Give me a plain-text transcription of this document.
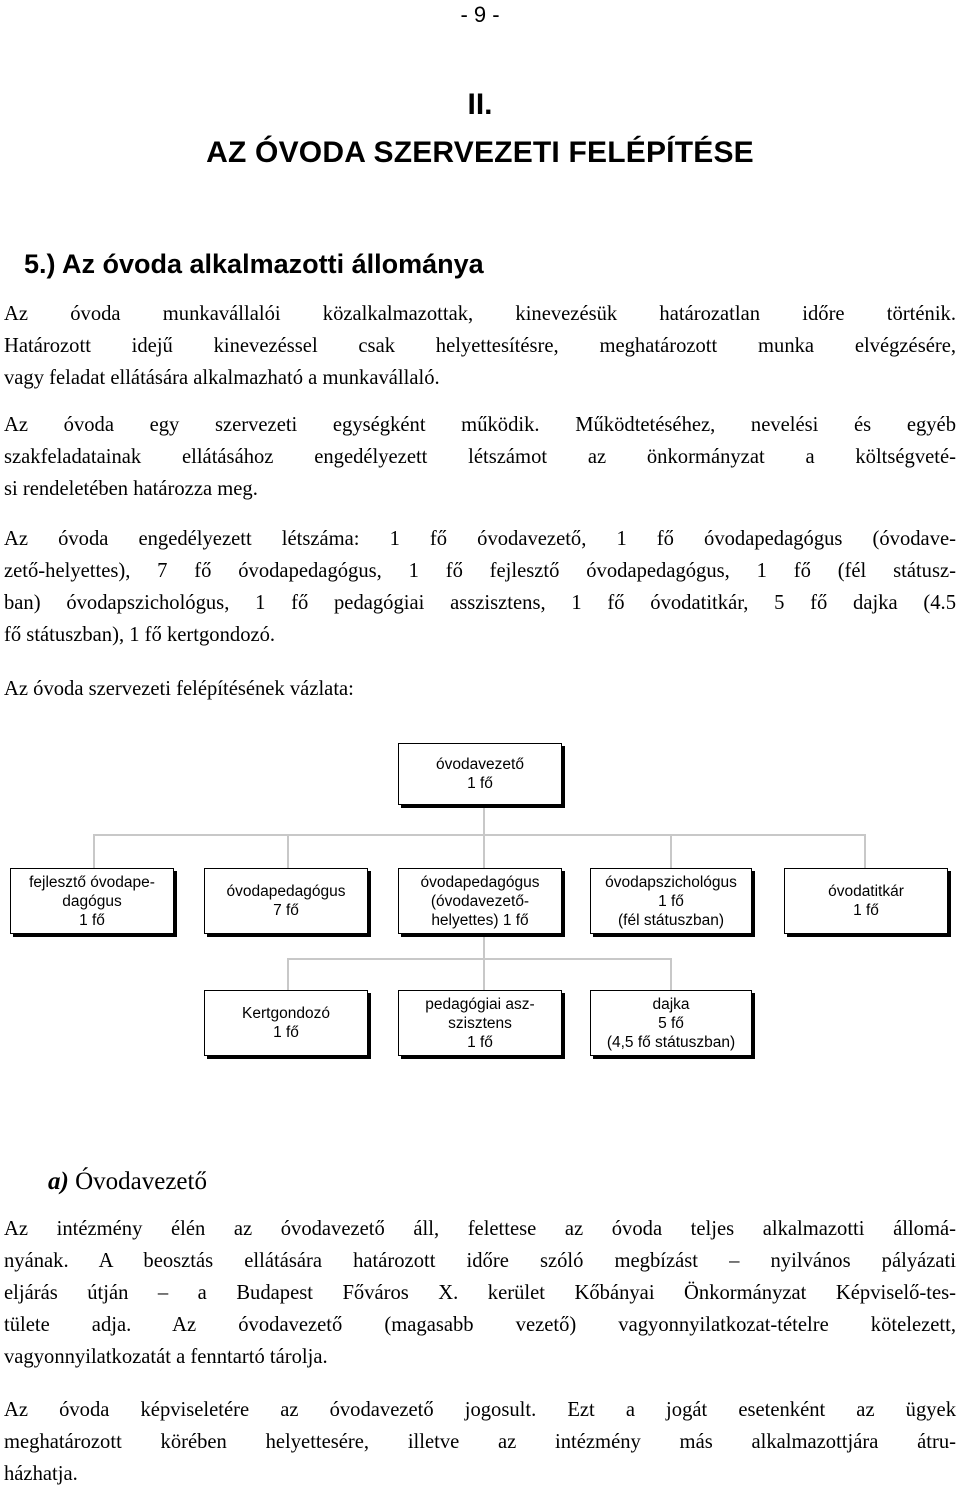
- 9 -
II.
AZ ÓVODA SZERVEZETI FELÉPÍTÉSE
5.) Az óvoda alkalmazotti állománya
Az óvoda munkavállalói közalkalmazottak, kinevezésük határozatlan időre történik.
Határozott idejű kinevezéssel csak helyettesítésre, meghatározott munka elvégzésére,
vagy feladat ellátására alkalmazható a munkavállaló.
Az óvoda egy szervezeti egységként működik. Működtetéséhez, nevelési és egyéb
szakfeladatainak ellátásához engedélyezett létszámot az önkormányzat a költségveté-
si rendeletében határozza meg.
Az óvoda engedélyezett létszáma: 1 fő óvodavezető, 1 fő óvodapedagógus (óvodave-
zető-helyettes), 7 fő óvodapedagógus, 1 fő fejlesztő óvodapedagógus, 1 fő (fél státusz-
ban) óvodapszichológus, 1 fő pedagógiai asszisztens, 1 fő óvodatitkár, 5 fő dajka (4.5
fő státuszban), 1 fő kertgondozó.
Az óvoda szervezeti felépítésének vázlata:
óvodavezető
1 fő
fejlesztő óvodape-
dagógus
1 fő
óvodapedagógus
7 fő
óvodapedagógus
(óvodavezető-
helyettes) 1 fő
óvodapszichológus
1 fő
(fél státuszban)
óvodatitkár
1 fő
Kertgondozó
1 fő
pedagógiai asz-
szisztens
1 fő
dajka
5 fő
(4,5 fő státuszban)
a) Óvodavezető
Az intézmény élén az óvodavezető áll, felettese az óvoda teljes alkalmazotti állomá-
nyának. A beosztás ellátására határozott időre szóló megbízást – nyilvános pályázati
eljárás útján – a Budapest Főváros X. kerület Kőbányai Önkormányzat Képviselő-tes-
tülete adja. Az óvodavezető (magasabb vezető) vagyonnyilatkozat-tételre kötelezett,
vagyonnyilatkozatát a fenntartó tárolja.
Az óvoda képviseletére az óvodavezető jogosult. Ezt a jogát esetenként az ügyek
meghatározott körében helyettesére, illetve az intézmény más alkalmazottjára átru-
házhatja.
